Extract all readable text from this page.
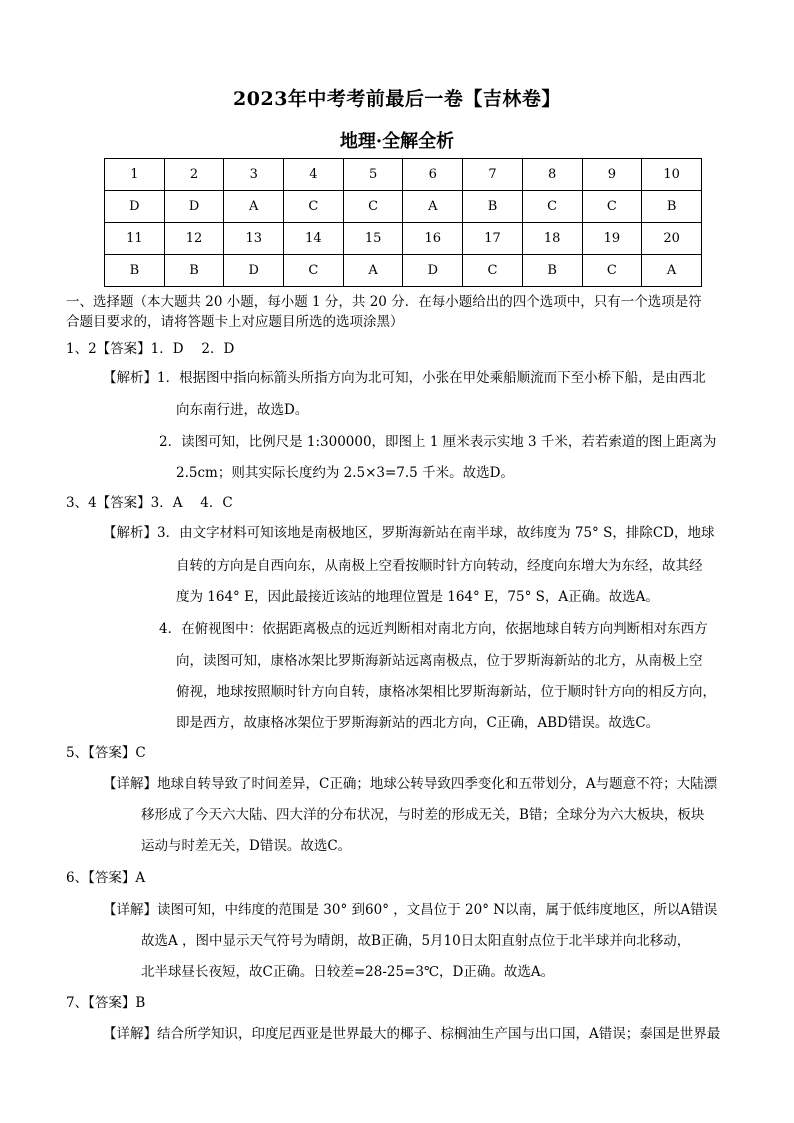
2023年中考考前最后一卷【吉林卷】
地理·全解全析
1	2	3	4	5	6	7	8	9	10
D	D	A	C	C	A	B	C	C	B
11	12	13	14	15	16	17	18	19	20
B	B	D	C	A	D	C	B	C	A
一、选择题（本大题共 20 小题，每小题 1 分，共 20 分．在每小题给出的四个选项中，只有一个选项是符
合题目要求的，请将答题卡上对应题目所选的选项涂黑）
1、2【答案】1．D　 2．D
【解析】1．根据图中指向标箭头所指方向为北可知，小张在甲处乘船顺流而下至小桥下船，是由西北
向东南行进，故选D。
2．读图可知，比例尺是 1:300000，即图上 1 厘米表示实地 3 千米，若若索道的图上距离为
2.5cm；则其实际长度约为 2.5×3=7.5 千米。故选D。
3、4【答案】3．A　 4．C
【解析】3．由文字材料可知该地是南极地区，罗斯海新站在南半球，故纬度为 75° S，排除CD，地球
自转的方向是自西向东，从南极上空看按顺时针方向转动，经度向东增大为东经，故其经
度为 164° E，因此最接近该站的地理位置是 164° E，75° S，A正确。故选A。
4．在俯视图中：依据距离极点的远近判断相对南北方向，依据地球自转方向判断相对东西方
向，读图可知，康格冰架比罗斯海新站远离南极点，位于罗斯海新站的北方，从南极上空
俯视，地球按照顺时针方向自转，康格冰架相比罗斯海新站，位于顺时针方向的相反方向，
即是西方，故康格冰架位于罗斯海新站的西北方向，C正确，ABD错误。故选C。
5、【答案】C
【详解】地球自转导致了时间差异，C正确；地球公转导致四季变化和五带划分，A与题意不符；大陆漂
移形成了今天六大陆、四大洋的分布状况，与时差的形成无关，B错；全球分为六大板块，板块
运动与时差无关，D错误。故选C。
6、【答案】A
【详解】读图可知，中纬度的范围是 30° 到60° ，文昌位于 20° N以南，属于低纬度地区，所以A错误
故选A ，图中显示天气符号为晴朗，故B正确，5月10日太阳直射点位于北半球并向北移动，
北半球昼长夜短，故C正确。日较差=28-25=3℃，D正确。故选A。
7、【答案】B
【详解】结合所学知识，印度尼西亚是世界最大的椰子、棕榈油生产国与出口国，A错误；泰国是世界最
